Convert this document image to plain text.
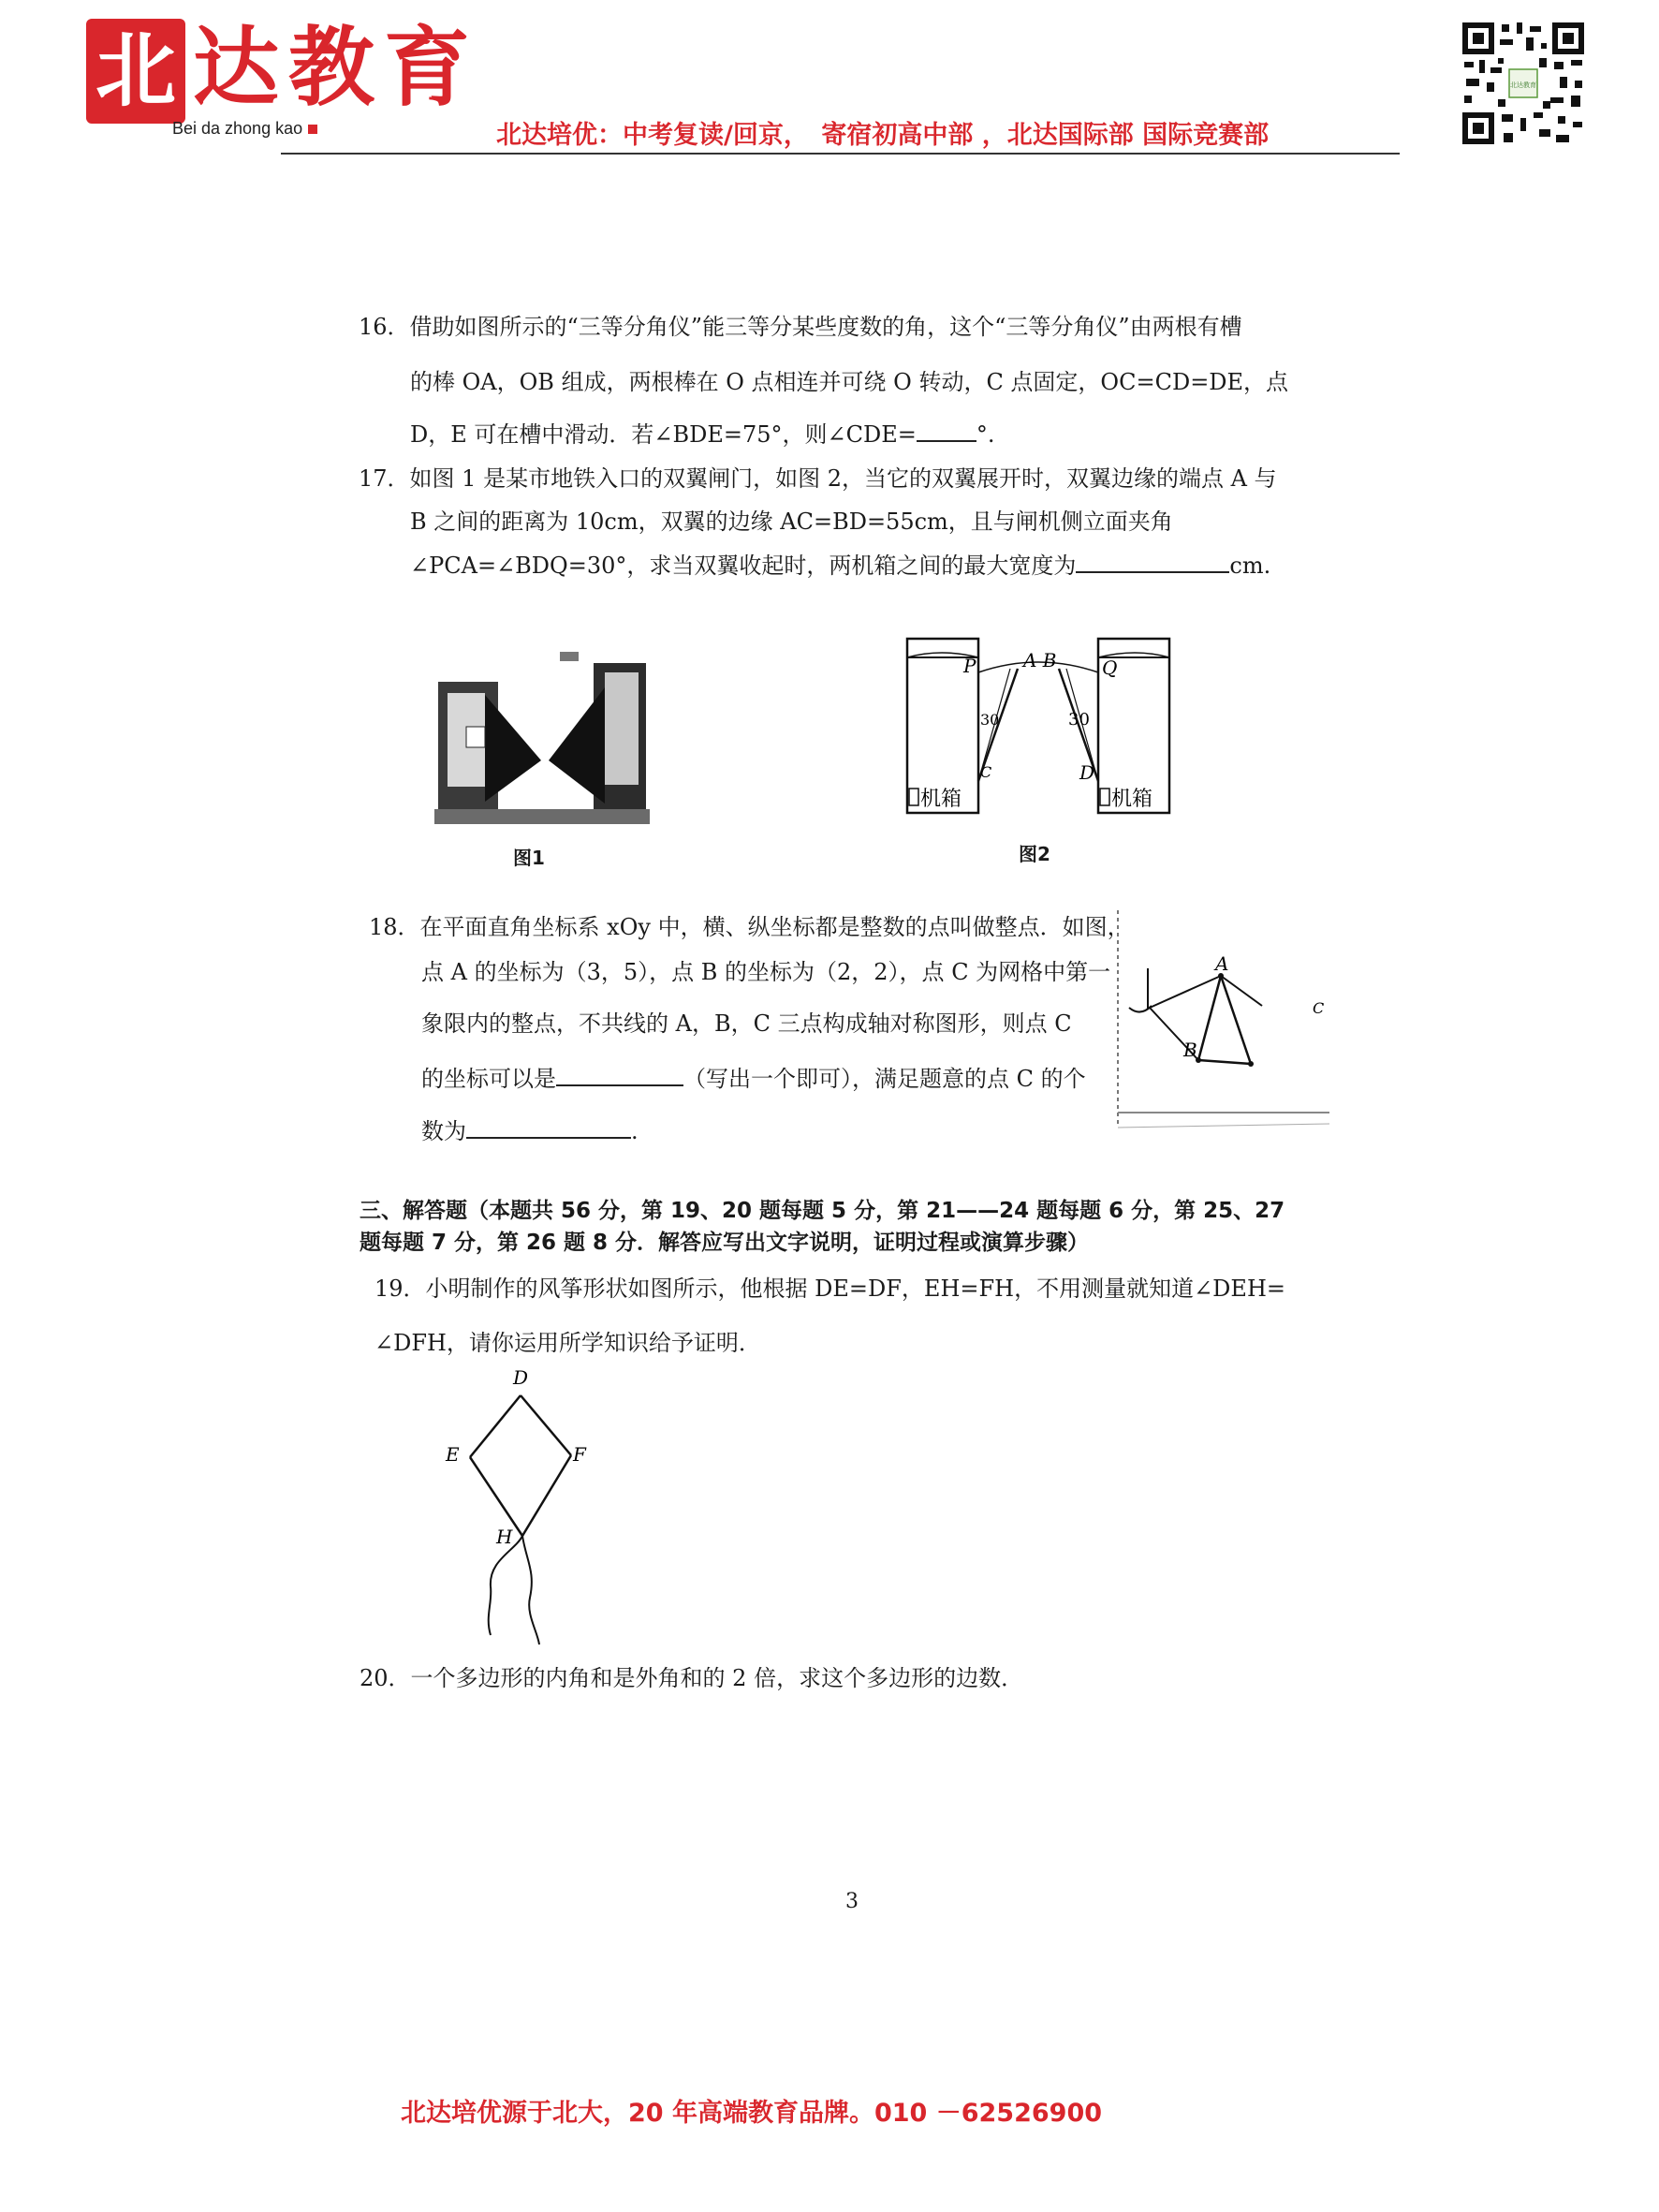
北 达教育
Bei da zhong kao	北达培优：中考复读/回京，　寄宿初高中部 ，北达国际部 国际竞赛部
北达教育
16．借助如图所示的“三等分角仪”能三等分某些度数的角，这个“三等分角仪”由两根有槽
的棒 OA，OB 组成，两根棒在 O 点相连并可绕 O 转动，C 点固定，OC=CD=DE，点
D，E 可在槽中滑动．若∠BDE=75°，则∠CDE=	°.
17．如图 1 是某市地铁入口的双翼闸门，如图 2，当它的双翼展开时，双翼边缘的端点 A 与
B 之间的距离为 10cm，双翼的边缘 AC=BD=55cm，且与闸机侧立面夹角
∠PCA=∠BDQ=30°，求当双翼收起时，两机箱之间的最大宽度为	cm.
图1
P	Q
A B
30	30
C	D
机箱	机箱
图2
18．在平面直角坐标系 xOy 中，横、纵坐标都是整数的点叫做整点．如图，
点 A 的坐标为（3，5），点 B 的坐标为（2，2），点 C 为网格中第一
象限内的整点，不共线的 A，B，C 三点构成轴对称图形，则点 C
的坐标可以是	（写出一个即可），满足题意的点 C 的个
数为	.
A
B
C
三、解答题（本题共 56 分，第 19、20 题每题 5 分，第 21——24 题每题 6 分，第 25、27
题每题 7 分，第 26 题 8 分．解答应写出文字说明，证明过程或演算步骤）
19．小明制作的风筝形状如图所示，他根据 DE=DF，EH=FH，不用测量就知道∠DEH=
∠DFH，请你运用所学知识给予证明．
D
E	F
H
20．一个多边形的内角和是外角和的 2 倍，求这个多边形的边数．
3
北达培优源于北大，20 年高端教育品牌。010 －62526900
